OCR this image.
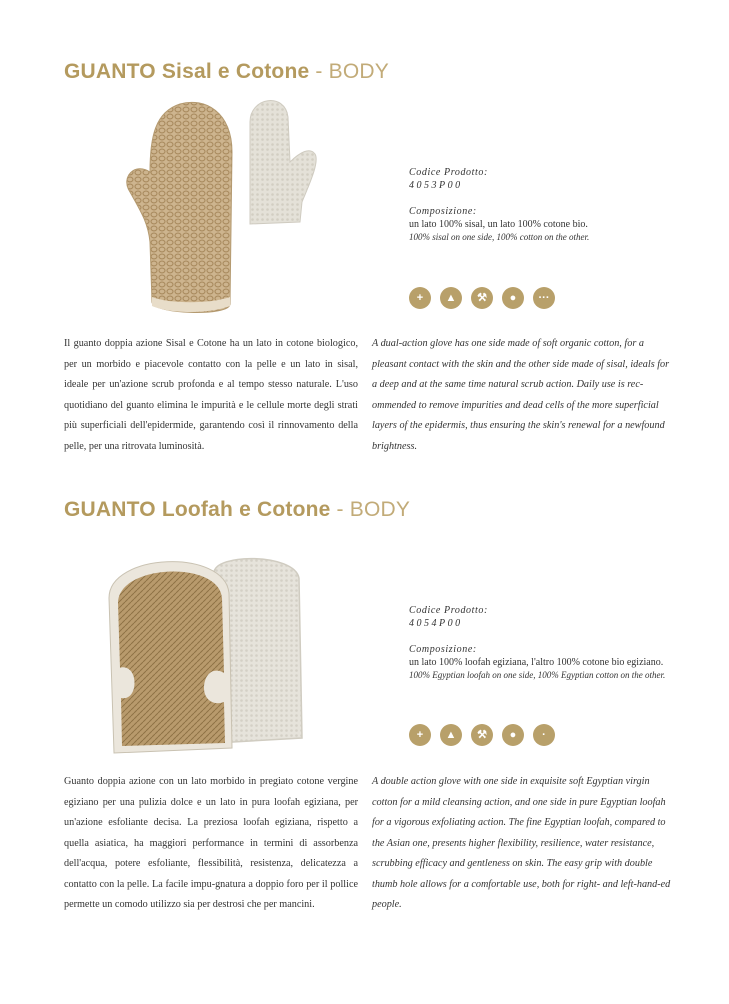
GUANTO Sisal e Cotone - BODY
Codice Prodotto:
4053P00
Composizione:
un lato 100% sisal, un lato 100% cotone bio.
100% sisal on one side, 100% cotton on the other.
+	▲	⚒	●	···
Il guanto doppia azione Sisal e Cotone ha un lato in cotone biologico, per un morbido e piacevole contatto con la pelle e un lato in sisal, ideale per un'azione scrub profonda e al tempo stesso naturale. L'uso quotidiano del guanto elimina le impurità e le cellule morte degli strati più superficiali dell'epidermide, garantendo così il rinnovamento della pelle, per una ritrovata luminosità.
A dual-action glove has one side made of soft organic cotton, for a pleasant contact with the skin and the other side made of sisal, ideals for a deep and at the same time natural scrub action. Daily use is rec-ommended to remove impurities and dead cells of the more superficial layers of the epidermis, thus ensuring the skin's renewal for a newfound brightness.
GUANTO Loofah e Cotone - BODY
Codice Prodotto:
4054P00
Composizione:
un lato 100% loofah egiziana, l'altro 100% cotone bio egiziano.
100% Egyptian loofah on one side, 100% Egyptian cotton on the other.
+	▲	⚒	●	·
Guanto doppia azione con un lato morbido in pregiato cotone vergine egiziano per una pulizia dolce e un lato in pura loofah egiziana, per un'azione esfoliante decisa. La preziosa loofah egiziana, rispetto a quella asiatica, ha maggiori performance in termini di assorbenza dell'acqua, potere esfoliante, flessibilità, resistenza, delicatezza a contatto con la pelle. La facile impu-gnatura a doppio foro per il pollice permette un comodo utilizzo sia per destrosi che per mancini.
A double action glove with one side in exquisite soft Egyptian virgin cotton for a mild cleansing action, and one side in pure Egyptian loofah for a vigorous exfoliating action. The fine Egyptian loofah, compared to the Asian one, presents higher flexibility, resilience, water resistance, scrubbing efficacy and gentleness on skin. The easy grip with double thumb hole allows for a comfortable use, both for right- and left-hand-ed people.
